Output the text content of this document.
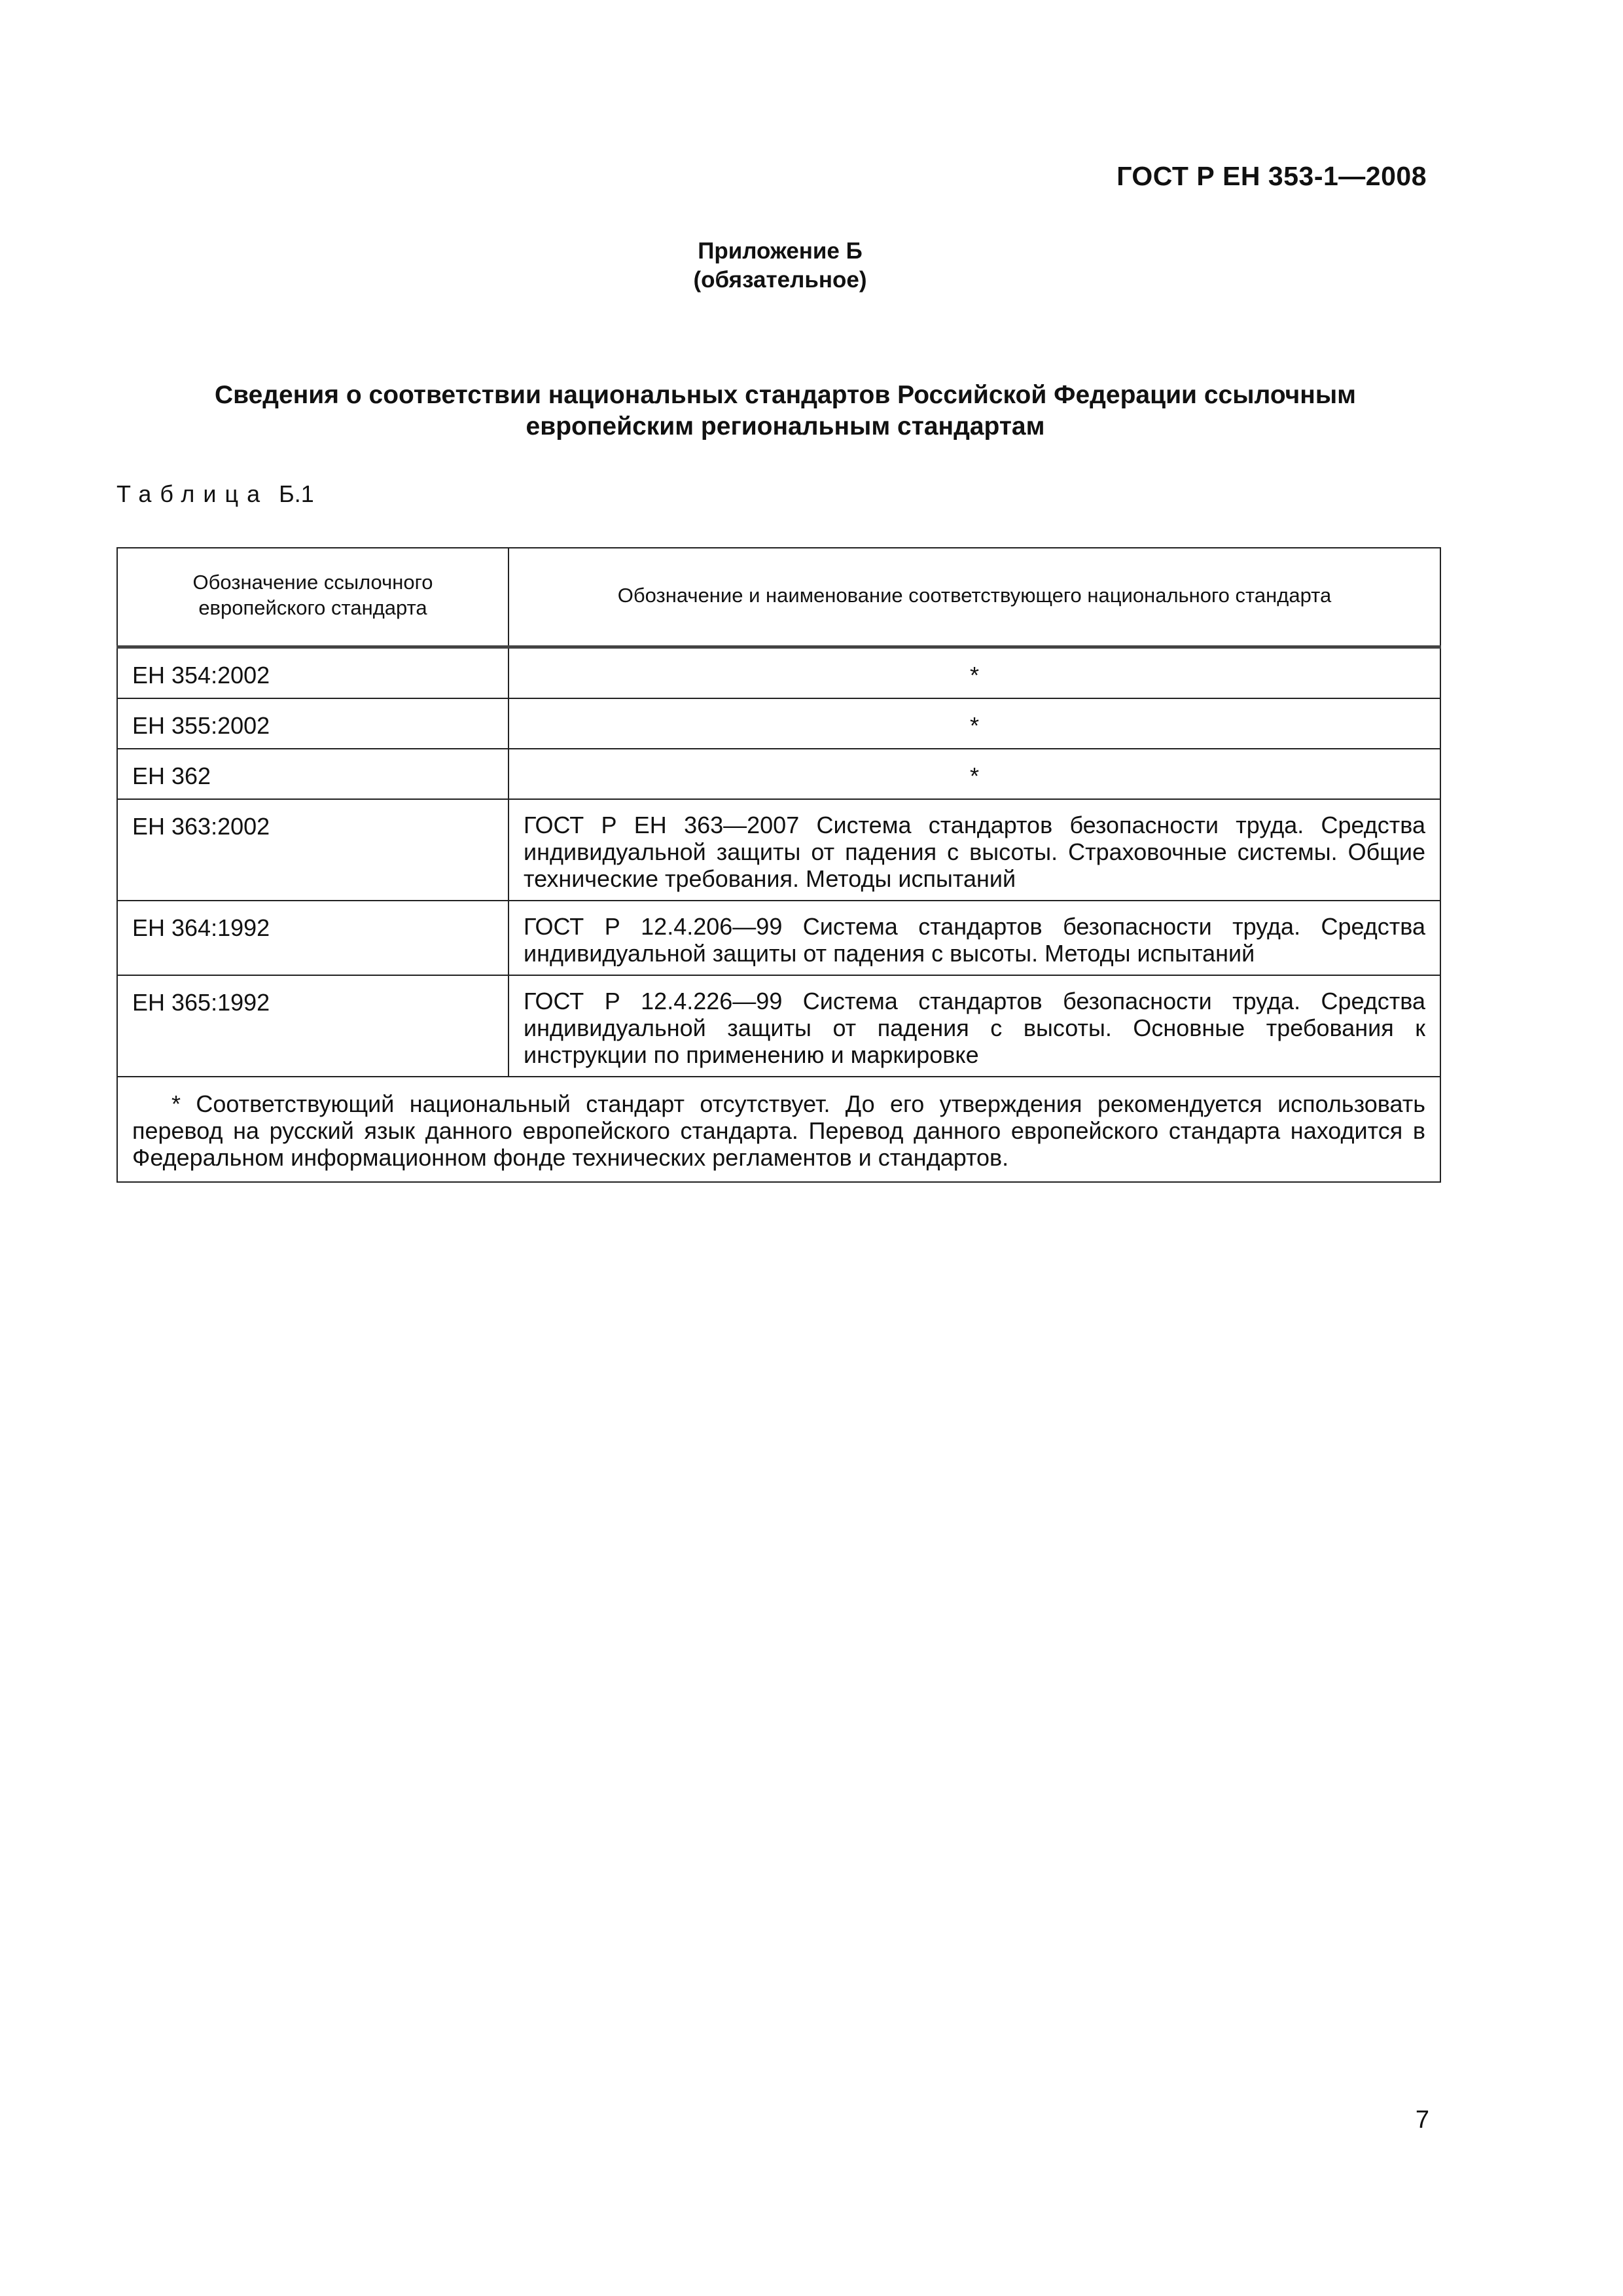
ГОСТ Р ЕН 353-1—2008
Приложение Б
(обязательное)
Сведения о соответствии национальных стандартов Российской Федерации ссылочным европейским региональным стандартам
Таблица Б.1
Обозначение ссылочного европейского стандарта	Обозначение и наименование соответствующего национального стандарта
ЕН 354:2002	*
ЕН 355:2002	*
ЕН 362	*
ЕН 363:2002	ГОСТ Р ЕН 363—2007 Система стандартов безопасности труда. Средства индивидуальной защиты от падения с высоты. Страховочные системы. Общие технические требования. Методы испытаний
ЕН 364:1992	ГОСТ Р 12.4.206—99 Система стандартов безопасности труда. Средства индивидуальной защиты от падения с высоты. Методы испытаний
ЕН 365:1992	ГОСТ Р 12.4.226—99 Система стандартов безопасности труда. Средства индивидуальной защиты от падения с высоты. Основные требования к инструкции по применению и маркировке
* Соответствующий национальный стандарт отсутствует. До его утверждения рекомендуется использовать перевод на русский язык данного европейского стандарта. Перевод данного европейского стандарта находится в Федеральном информационном фонде технических регламентов и стандартов.	
7
